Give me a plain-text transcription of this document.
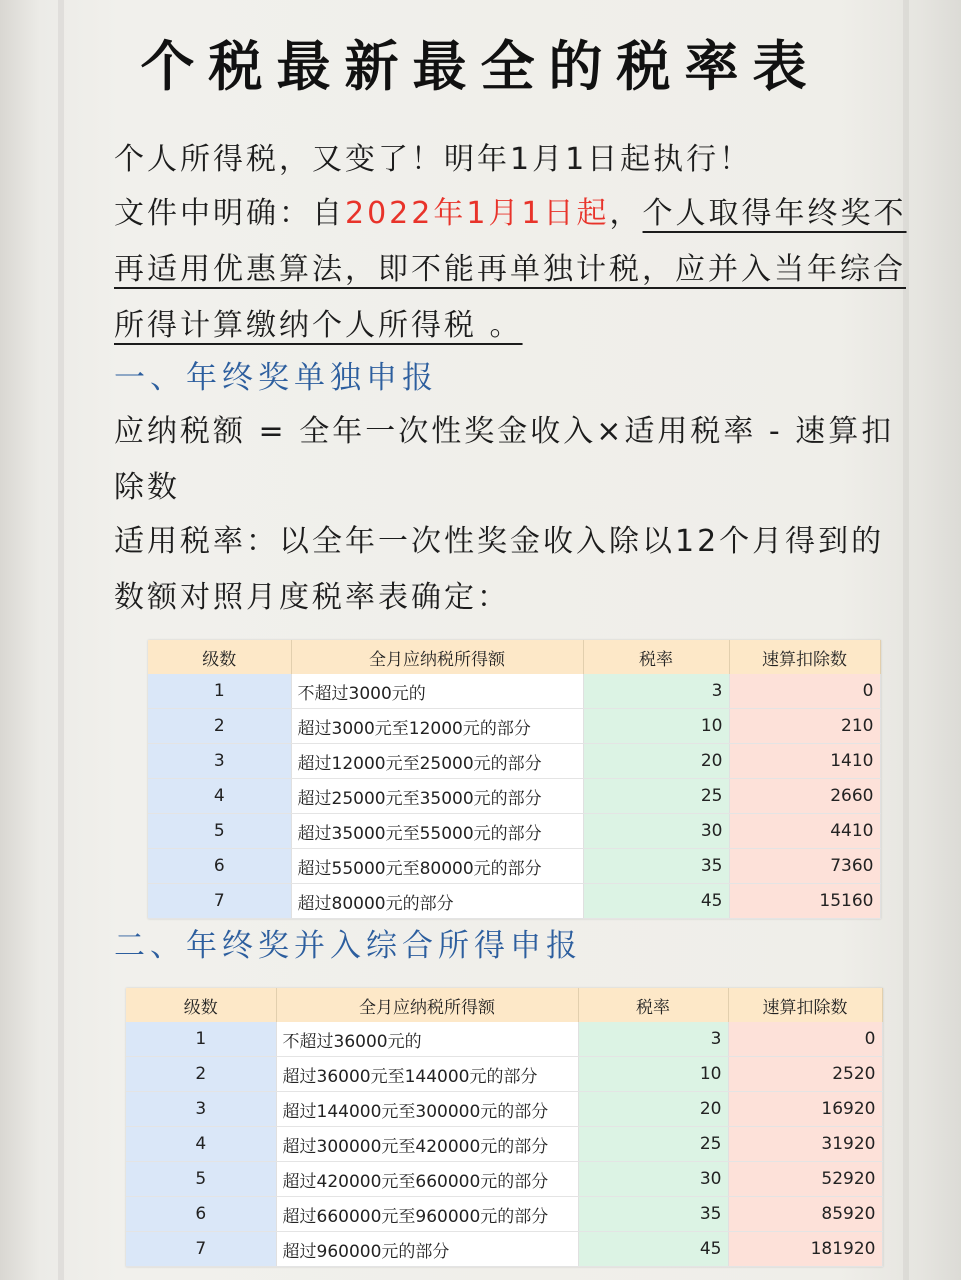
个税最新最全的税率表
个人所得税，又变了！明年1月1日起执行！
文件中明确：自2022年1月1日起，个人取得年终奖不再适用优惠算法，即不能再单独计税，应并入当年综合所得计算缴纳个人所得税 。
一、年终奖单独申报
应纳税额 = 全年一次性奖金收入×适用税率 - 速算扣除数
适用税率：以全年一次性奖金收入除以12个月得到的数额对照月度税率表确定：
级数	全月应纳税所得额	税率	速算扣除数
1	不超过3000元的	3	0
2	超过3000元至12000元的部分	10	210
3	超过12000元至25000元的部分	20	1410
4	超过25000元至35000元的部分	25	2660
5	超过35000元至55000元的部分	30	4410
6	超过55000元至80000元的部分	35	7360
7	超过80000元的部分	45	15160
二、年终奖并入综合所得申报
级数	全月应纳税所得额	税率	速算扣除数
1	不超过36000元的	3	0
2	超过36000元至144000元的部分	10	2520
3	超过144000元至300000元的部分	20	16920
4	超过300000元至420000元的部分	25	31920
5	超过420000元至660000元的部分	30	52920
6	超过660000元至960000元的部分	35	85920
7	超过960000元的部分	45	181920
